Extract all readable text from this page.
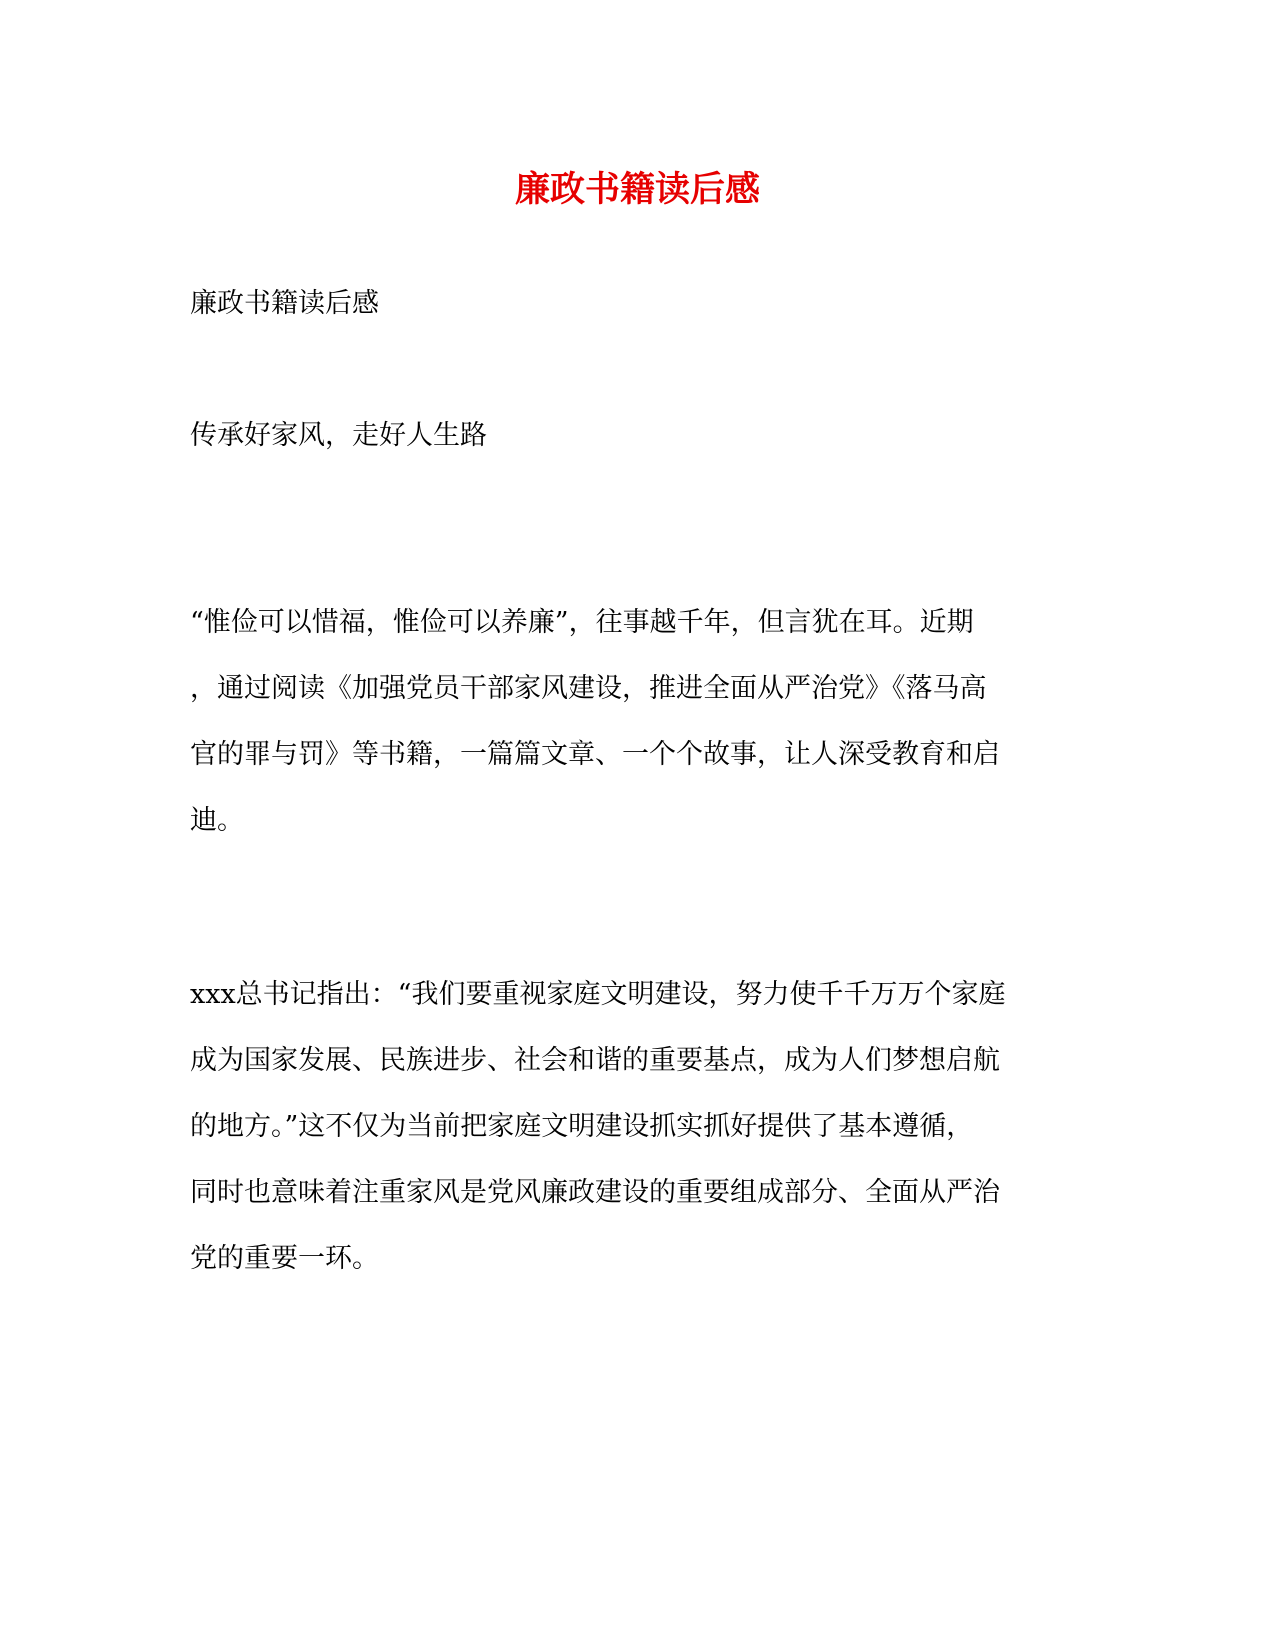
廉政书籍读后感

廉政书籍读后感

传承好家风，走好人生路

“惟俭可以惜福，惟俭可以养廉”，往事越千年，但言犹在耳。近期
，通过阅读《加强党员干部家风建设，推进全面从严治党》《落马高
官的罪与罚》等书籍，一篇篇文章、一个个故事，让人深受教育和启
迪。

xxx总书记指出：“我们要重视家庭文明建设，努力使千千万万个家庭
成为国家发展、民族进步、社会和谐的重要基点，成为人们梦想启航
的地方。”这不仅为当前把家庭文明建设抓实抓好提供了基本遵循，
同时也意味着注重家风是党风廉政建设的重要组成部分、全面从严治
党的重要一环。
